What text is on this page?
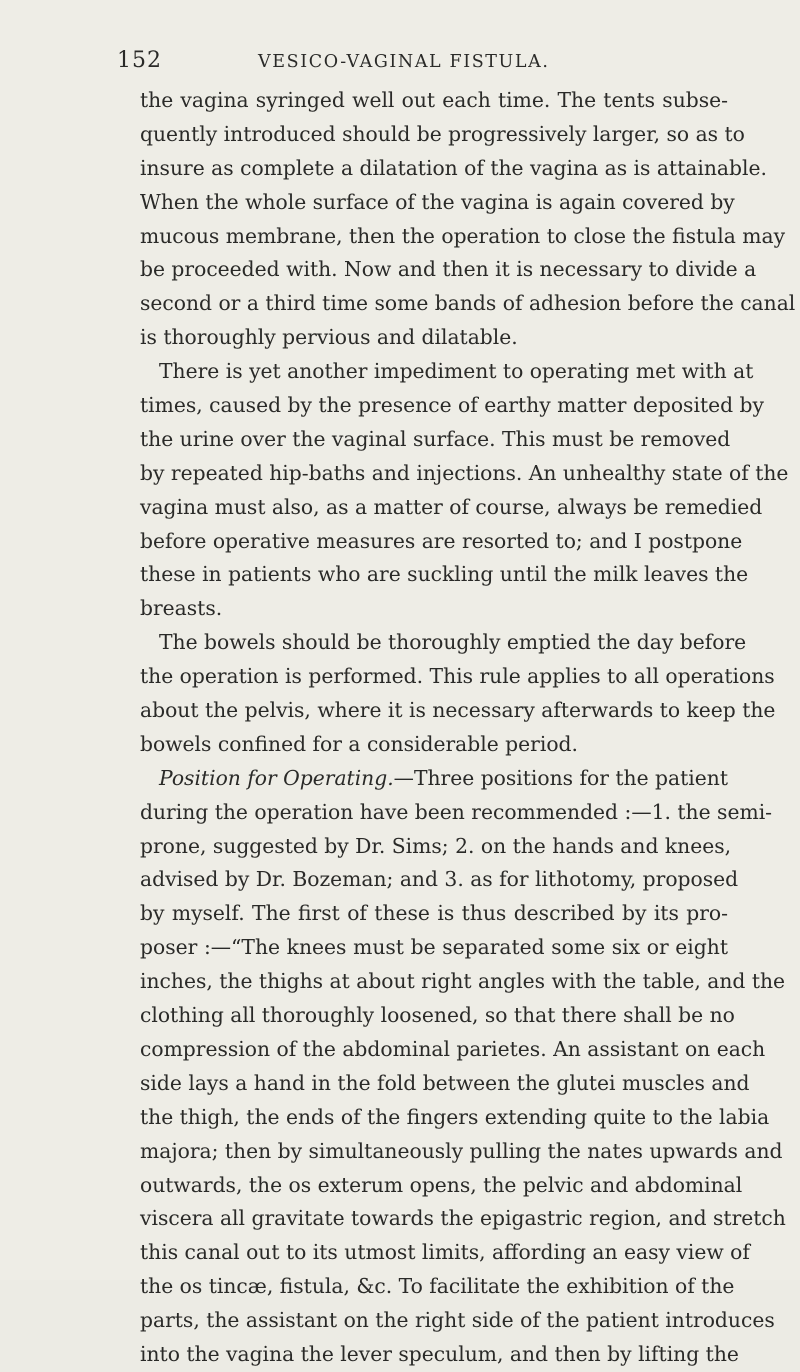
152	VESICO-VAGINAL FISTULA.
the vagina syringed well out each time. The tents subse-
quently introduced should be progressively larger, so as to
insure as complete a dilatation of the vagina as is attainable.
When the whole surface of the vagina is again covered by
mucous membrane, then the operation to close the fistula may
be proceeded with. Now and then it is necessary to divide a
second or a third time some bands of adhesion before the canal
is thoroughly pervious and dilatable.
There is yet another impediment to operating met with at
times, caused by the presence of earthy matter deposited by
the urine over the vaginal surface. This must be removed
by repeated hip-baths and injections. An unhealthy state of the
vagina must also, as a matter of course, always be remedied
before operative measures are resorted to; and I postpone
these in patients who are suckling until the milk leaves the
breasts.
The bowels should be thoroughly emptied the day before
the operation is performed. This rule applies to all operations
about the pelvis, where it is necessary afterwards to keep the
bowels confined for a considerable period.
Position for Operating.—Three positions for the patient
during the operation have been recommended :—1. the semi-
prone, suggested by Dr. Sims; 2. on the hands and knees,
advised by Dr. Bozeman; and 3. as for lithotomy, proposed
by myself. The first of these is thus described by its pro-
poser :—“The knees must be separated some six or eight
inches, the thighs at about right angles with the table, and the
clothing all thoroughly loosened, so that there shall be no
compression of the abdominal parietes. An assistant on each
side lays a hand in the fold between the glutei muscles and
the thigh, the ends of the fingers extending quite to the labia
majora; then by simultaneously pulling the nates upwards and
outwards, the os exterum opens, the pelvic and abdominal
viscera all gravitate towards the epigastric region, and stretch
this canal out to its utmost limits, affording an easy view of
the os tincæ, fistula, &c. To facilitate the exhibition of the
parts, the assistant on the right side of the patient introduces
into the vagina the lever speculum, and then by lifting the
